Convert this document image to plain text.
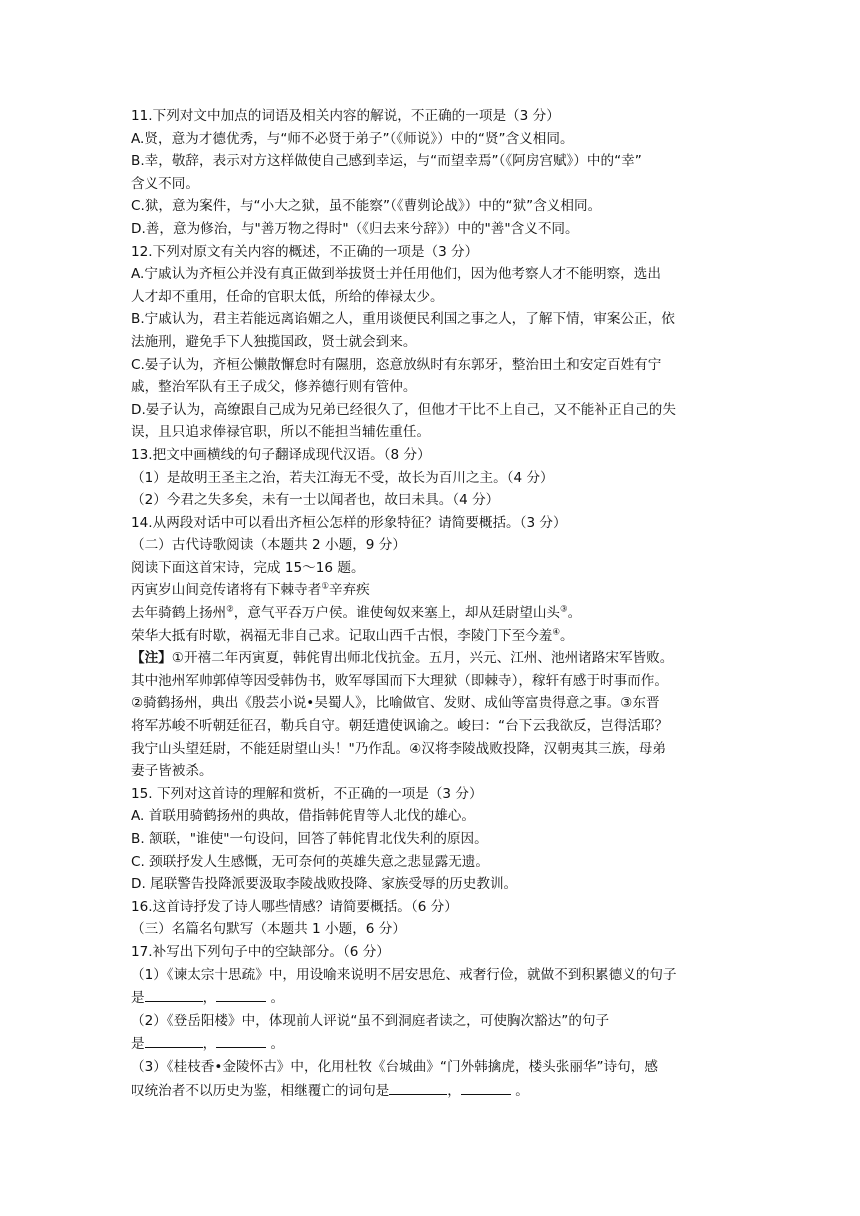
11.下列对文中加点的词语及相关内容的解说，不正确的一项是（3 分）
A.贤，意为才德优秀，与“师不必贤于弟子”（《师说》）中的“贤”含义相同。
B.幸，敬辞，表示对方这样做使自己感到幸运，与“而望幸焉”（《阿房宫赋》）中的“幸”
含义不同。
C.狱，意为案件，与“小大之狱，虽不能察”（《曹刿论战》）中的“狱”含义相同。
D.善，意为修治，与"善万物之得时"（《归去来兮辞》）中的"善"含义不同。
12.下列对原文有关内容的概述，不正确的一项是（3 分）
A.宁戚认为齐桓公并没有真正做到举拔贤士并任用他们，因为他考察人才不能明察，选出
人才却不重用，任命的官职太低，所给的俸禄太少。
B.宁戚认为，君主若能远离谄媚之人，重用谈便民利国之事之人，了解下情，审案公正，依
法施刑，避免手下人独揽国政，贤士就会到来。
C.晏子认为，齐桓公懒散懈怠时有隰朋，恣意放纵时有东郭牙，整治田土和安定百姓有宁
戚，整治军队有王子成父，修养德行则有管仲。
D.晏子认为，高缭跟自己成为兄弟已经很久了，但他才干比不上自己，又不能补正自己的失
误，且只追求俸禄官职，所以不能担当辅佐重任。
13.把文中画横线的句子翻译成现代汉语。（8 分）
（1）是故明王圣主之治，若夫江海无不受，故长为百川之主。（4 分）
（2）今君之失多矣，未有一士以闻者也，故曰未具。（4 分）
14.从两段对话中可以看出齐桓公怎样的形象特征？请简要概括。（3 分）
（二）古代诗歌阅读（本题共 2 小题，9 分）
阅读下面这首宋诗，完成 15～16 题。
丙寅岁山间竞传诸将有下棘寺者①辛弃疾
去年骑鹤上扬州②，意气平吞万户侯。谁使匈奴来塞上，却从廷尉望山头③。
荣华大抵有时歇，祸福无非自己求。记取山西千古恨，李陵门下至今羞④。
【注】①开禧二年丙寅夏，韩侂胄出师北伐抗金。五月，兴元、江州、池州诸路宋军皆败。
其中池州军帅郭倬等因受韩伪书，败军辱国而下大理狱（即棘寺），稼轩有感于时事而作。
②骑鹤扬州，典出《殷芸小说•吴蜀人》，比喻做官、发财、成仙等富贵得意之事。③东晋
将军苏峻不听朝廷征召，勒兵自守。朝廷遣使讽谕之。峻曰：“台下云我欲反，岂得活耶？
我宁山头望廷尉，不能廷尉望山头！"乃作乱。④汉将李陵战败投降，汉朝夷其三族，母弟
妻子皆被杀。
15. 下列对这首诗的理解和赏析，不正确的一项是（3 分）
A. 首联用骑鹤扬州的典故，借指韩侂胄等人北伐的雄心。
B. 颔联，"谁使"一句设问，回答了韩侂胄北伐失利的原因。
C. 颈联抒发人生感慨，无可奈何的英雄失意之悲显露无遗。
D. 尾联警告投降派要汲取李陵战败投降、家族受辱的历史教训。
16.这首诗抒发了诗人哪些情感？请简要概括。（6 分）
（三）名篇名句默写（本题共 1 小题，6 分）
17.补写出下列句子中的空缺部分。（6 分）
（1）《谏太宗十思疏》中，用设喻来说明不居安思危、戒奢行俭，就做不到积累德义的句子
是	，	。
（2）《登岳阳楼》中，体现前人评说“虽不到洞庭者读之，可使胸次豁达”的句子
是	，	。
（3）《桂枝香•金陵怀古》中，化用杜牧《台城曲》“门外韩擒虎，楼头张丽华”诗句，感
叹统治者不以历史为鉴，相继覆亡的词句是	，	。
